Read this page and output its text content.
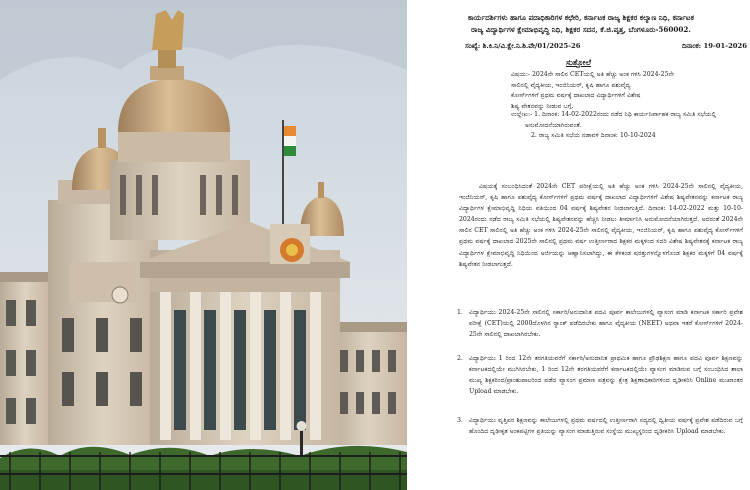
ಕಾರ್ಯದರ್ಶಿಗಳು ಹಾಗೂ ಪದಾಧಿಕಾರಿಗಳ ಕಛೇರಿ, ಕರ್ನಾಟಕ ರಾಜ್ಯ ಶಿಕ್ಷಕರ ಕಲ್ಯಾಣ ನಿಧಿ, ಕರ್ನಾಟಕ
ರಾಜ್ಯ ವಿದ್ಯಾರ್ಥಿಗಳ ಕ್ಷೇಮಾಭಿವೃದ್ಧಿ ನಿಧಿ, ಶಿಕ್ಷಕರ ಸದನ, ಕೆ.ಜಿ.ವೃತ್ತ, ಬೆಂಗಳೂರು-560002.
ಸಂಖ್ಯೆ: ಶಿ.ಕಿ.ನಿ/ವಿ.ಕ್ಷೇ.ನಿ.ಶಿ.ವೇ/01/2025-26	ದಿನಾಂಕ: 19-01-2026
ಸುತ್ತೋಲೆ
ವಿಷಯ:- 2024ನೇ ಸಾಲಿನ CETಯಲ್ಲಿ ಅತಿ ಹೆಚ್ಚು ಅಂಕ ಗಳಿಸಿ 2024-25ನೇ
ಸಾಲಿನಲ್ಲಿ ವೈದ್ಯಕೀಯ, ಇಂಜಿನಿಯರ್, ಕೃಷಿ ಹಾಗೂ ಪಶುವೈದ್ಯ
ಕೋರ್ಸ್‌ಗಳಿಗೆ ಪ್ರಥಮ ವರ್ಷಕ್ಕೆ ದಾಖಲಾದ ವಿದ್ಯಾರ್ಥಿಗಳಿಗೆ ವಿಶೇಷ
ಶಿಷ್ಯ ವೇತನವನ್ನು ನೀಡುವ ಬಗ್ಗೆ.
ಉಲ್ಲೇಖ:- 1. ದಿನಾಂಕ: 14-02-2022ರಂದು ನಡೆದ ನಿಧಿ ಕಾರ್ಯನಿರ್ವಾಹಕ ರಾಜ್ಯ ಸಮಿತಿ ಸಭೆಯಲ್ಲಿ ಅನುಮೋದನೆಯಾಗಿರುವಂತೆ.
2. ರಾಜ್ಯ ಸಮಿತಿ ಸಭೆಯ ನಡಾವಳಿ ದಿನಾಂಕ: 10-10-2024
ವಿಷಯಕ್ಕೆ ಸಂಬಂಧಿಸಿದಂತೆ 2024ನೇ CET ಪರೀಕ್ಷೆಯಲ್ಲಿ ಅತಿ ಹೆಚ್ಚು ಅಂಕ ಗಳಿಸಿ 2024-25ನೇ ಸಾಲಿನಲ್ಲಿ ವೈದ್ಯಕೀಯ, ಇಂಜಿನಿಯರ್, ಕೃಷಿ ಹಾಗೂ ಪಶುವೈದ್ಯ ಕೋರ್ಸ್‌ಗಳಿಗೆ ಪ್ರಥಮ ವರ್ಷಕ್ಕೆ ದಾಖಲಾದ ವಿದ್ಯಾರ್ಥಿಗಳಿಗೆ ವಿಶೇಷ ಶಿಷ್ಯವೇತನವನ್ನು ಕರ್ನಾಟಕ ರಾಜ್ಯ ವಿದ್ಯಾರ್ಥಿಗಳ ಕ್ಷೇಮಾಭಿವೃದ್ಧಿ ನಿಧಿಯ ವತಿಯಿಂದ 04 ವರ್ಷಕ್ಕೆ ಶಿಷ್ಯವೇತನ ನೀಡಲಾಗುತ್ತಿದೆ. ದಿನಾಂಕ: 14-02-2022 ಮತ್ತು 10-10-2024ರಂದು ನಡೆದ ರಾಜ್ಯ ಸಮಿತಿ ಸಭೆಯಲ್ಲಿ ಶಿಷ್ಯವೇತನವನ್ನು ಹೆಚ್ಚಿಸಿ ನೀಡಲು ತೀರ್ಮಾನಿಸಿ ಅನುಮೋದನೆಯಾಗಿರುತ್ತದೆ. ಅದರಂತೆ 2024ನೇ ಸಾಲಿನ CET ಸಾಲಿನಲ್ಲಿ ಅತಿ ಹೆಚ್ಚು ಅಂಕ ಗಳಿಸಿ 2024-25ನೇ ಸಾಲಿನಲ್ಲಿ ವೈದ್ಯಕೀಯ, ಇಂಜಿನಿಯರ್, ಕೃಷಿ ಹಾಗೂ ಪಶುವೈದ್ಯ ಕೋರ್ಸ್‌ಗಳಿಗೆ ಪ್ರಥಮ ವರ್ಷಕ್ಕೆ ದಾಖಲಾದ 2025ನೇ ಸಾಲಿನಲ್ಲಿ ಪ್ರಥಮ ವರ್ಷ ಉತ್ತೀರ್ಣರಾದ ಶಿಕ್ಷಕರ ಮಕ್ಕಳಿಂದ ಸದರಿ ವಿಶೇಷ ಶಿಷ್ಯವೇತನಕ್ಕೆ ಕರ್ನಾಟಕ ರಾಜ್ಯ ವಿದ್ಯಾರ್ಥಿಗಳ ಕ್ಷೇಮಾಭಿವೃದ್ಧಿ ನಿಧಿಯಿಂದ ಅರ್ಜಿಯನ್ನು ಆಹ್ವಾನಿಸಲಾಗಿದ್ದು, ಈ ಕೆಳಕಂಡ ಷರತ್ತುಗಳನ್ನೊಳಗೊಂಡ ಶಿಕ್ಷಕರ ಮಕ್ಕಳಿಗೆ 04 ವರ್ಷಕ್ಕೆ ಶಿಷ್ಯವೇತನ ನೀಡಲಾಗುತ್ತದೆ.
1. ವಿದ್ಯಾರ್ಥಿಯು 2024-25ನೇ ಸಾಲಿನಲ್ಲಿ ಸರ್ಕಾರಿ/ಅನುದಾನಿತ ಪದವಿ ಪೂರ್ವ ಕಾಲೇಜುಗಳಲ್ಲಿ ವ್ಯಾಸಂಗ ಮಾಡಿ ಕರ್ನಾಟಕ ಸರ್ಕಾರಿ ಪ್ರವೇಶ ಪರೀಕ್ಷೆ (CET)ಯಲ್ಲಿ 2000ದೊಳಗಿನ ರ‍್ಯಾಂಕ್ ಪಡೆದಿರಬೇಕು ಹಾಗೂ ವೈದ್ಯಕೀಯ (NEET) ಅಥವಾ ಇತರೆ ಕೋರ್ಸ್‌ಗಳಿಗೆ 2024-25ನೇ ಸಾಲಿನಲ್ಲಿ ದಾಖಲಾಗಿರಬೇಕು.
2. ವಿದ್ಯಾರ್ಥಿಯು 1 ರಿಂದ 12ನೇ ತರಗತಿಯವರೆಗೆ ಸರ್ಕಾರಿ/ಅನುದಾನಿತ ಪ್ರಾಥಮಿಕ ಹಾಗೂ ಪ್ರೌಢಶಿಕ್ಷಣ ಹಾಗೂ ಪದವಿ ಪೂರ್ವ ಶಿಕ್ಷಣವನ್ನು ಕರ್ನಾಟಕದಲ್ಲಿಯೇ ಮುಗಿಸಿರಬೇಕು, 1 ರಿಂದ 12ನೇ ತರಗತಿಯವರೆಗೆ ಕರ್ನಾಟಕದಲ್ಲಿಯೇ ವ್ಯಾಸಂಗ ಮಾಡಿರುವ ಬಗ್ಗೆ ಸಂಬಂಧಿಸಿದ ಶಾಲಾ ಮುಖ್ಯ ಶಿಕ್ಷಕರಿಂದ/ಪ್ರಾಂಶುಪಾಲರಿಂದ ಪಡೆದ ವ್ಯಾಸಂಗ ಪ್ರಮಾಣ ಪತ್ರವನ್ನು ಕ್ಷೇತ್ರ ಶಿಕ್ಷಣಾಧಿಕಾರಿಗಳಿಂದ ದೃಢೀಕರಿಸಿ Online ಮುಖಾಂತರ Upload ಮಾಡಬೇಕು.
3. ವಿದ್ಯಾರ್ಥಿಯು ವೃತ್ತಿಪರ ಶಿಕ್ಷಣವನ್ನು ಕಾಲೇಜುಗಳಲ್ಲಿ ಪ್ರಥಮ ವರ್ಷದಲ್ಲಿ ಉತ್ತೀರ್ಣರಾಗಿ ಸದ್ಯದಲ್ಲಿ ದ್ವಿತೀಯ ವರ್ಷಕ್ಕೆ ಪ್ರವೇಶ ಪಡೆದಿರುವ ಬಗ್ಗೆ ಹೊಂದಿದ ದೃಢೀಕೃತ ಅಂಕಪಟ್ಟಿಗಳ ಪ್ರತಿಯನ್ನು ವ್ಯಾಸಂಗ ಮಾಡುತ್ತಿರುವ ಸಂಸ್ಥೆಯ ಮುಖ್ಯಸ್ಥರಿಂದ ದೃಢೀಕರಿಸಿ Upload ಮಾಡಬೇಕು.
